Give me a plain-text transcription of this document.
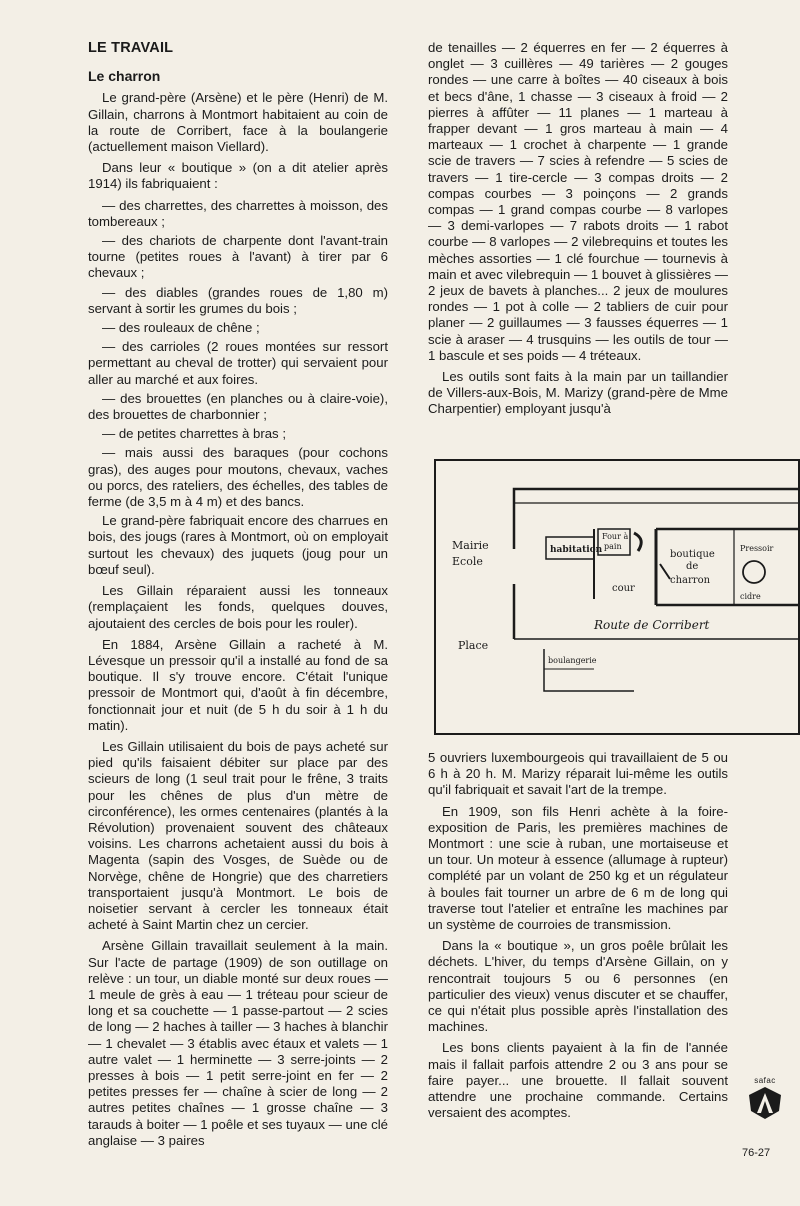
LE TRAVAIL
Le charron

Le grand-père (Arsène) et le père (Henri) de M. Gillain, charrons à Montmort habitaient au coin de la route de Corribert, face à la boulangerie (actuellement maison Viellard).

Dans leur « boutique » (on a dit atelier après 1914) ils fabriquaient :

— des charrettes, des charrettes à moisson, des tombereaux ;

— des chariots de charpente dont l'avant-train tourne (petites roues à l'avant) à tirer par 6 chevaux ;

— des diables (grandes roues de 1,80 m) servant à sortir les grumes du bois ;

— des rouleaux de chêne ;

— des carrioles (2 roues montées sur ressort permettant au cheval de trotter) qui servaient pour aller au marché et aux foires.

— des brouettes (en planches ou à claire-voie), des brouettes de charbonnier ;

— de petites charrettes à bras ;

— mais aussi des baraques (pour cochons gras), des auges pour moutons, chevaux, vaches ou porcs, des rateliers, des échelles, des tables de ferme (de 3,5 m à 4 m) et des bancs.

Le grand-père fabriquait encore des charrues en bois, des jougs (rares à Montmort, où on employait surtout les chevaux) des juquets (joug pour un bœuf seul).

Les Gillain réparaient aussi les tonneaux (remplaçaient les fonds, quelques douves, ajoutaient des cercles de bois pour les rouler).

En 1884, Arsène Gillain a racheté à M. Lévesque un pressoir qu'il a installé au fond de sa boutique. Il s'y trouve encore. C'était l'unique pressoir de Montmort qui, d'août à fin décembre, fonctionnait jour et nuit (de 5 h du soir à 1 h du matin).

Les Gillain utilisaient du bois de pays acheté sur pied qu'ils faisaient débiter sur place par des scieurs de long (1 seul trait pour le frêne, 3 traits pour les chênes de plus d'un mètre de circonférence), les ormes centenaires (plantés à la Révolution) provenaient souvent des châteaux voisins. Les charrons achetaient aussi du bois à Magenta (sapin des Vosges, de Suède ou de Norvège, chêne de Hongrie) que des charretiers transportaient jusqu'à Montmort. Le bois de noisetier servant à cercler les tonneaux était acheté à Saint Martin chez un cercier.

Arsène Gillain travaillait seulement à la main. Sur l'acte de partage (1909) de son outillage on relève : un tour, un diable monté sur deux roues — 1 meule de grès à eau — 1 tréteau pour scieur de long et sa couchette — 1 passe-partout — 2 scies de long — 2 haches à tailler — 3 haches à blanchir — 1 chevalet — 3 établis avec étaux et valets — 1 autre valet — 1 herminette — 3 serre-joints — 2 presses à bois — 1 petit serre-joint en fer — 2 petites presses fer — chaîne à scier de long — 2 autres petites chaînes — 1 grosse chaîne — 3 tarauds à boiter — 1 poêle et ses tuyaux — une clé anglaise — 3 paires

de tenailles — 2 équerres en fer — 2 équerres à onglet — 3 cuillères — 49 tarières — 2 gouges rondes — une carre à boîtes — 40 ciseaux à bois et becs d'âne, 1 chasse — 3 ciseaux à froid — 2 pierres à affûter — 11 planes — 1 marteau à frapper devant — 1 gros marteau à main — 4 marteaux — 1 crochet à charpente — 1 grande scie de travers — 7 scies à refendre — 5 scies de travers — 1 tire-cercle — 3 compas droits — 2 compas courbes — 3 poinçons — 2 grands compas — 1 grand compas courbe — 8 varlopes — 3 demi-varlopes — 7 rabots droits — 1 rabot courbe — 8 varlopes — 2 vilebrequins et toutes les mèches assorties — 1 clé fourchue — tournevis à main et avec vilebrequin — 1 bouvet à glissières — 2 jeux de bavets à planches... 2 jeux de moulures rondes — 1 pot à colle — 2 tabliers de cuir pour planer — 2 guillaumes — 3 fausses équerres — 1 scie à araser — 4 trusquins — les outils de tour — 1 bascule et ses poids — 4 tréteaux.

Les outils sont faits à la main par un taillandier de Villers-aux-Bois, M. Marizy (grand-père de Mme Charpentier) employant jusqu'à

Mairie
Ecole
habitation
Four à
pain
cour
boutique
de
charron
Pressoir
cidre
Route de Corribert
Place
boulangerie

5 ouvriers luxembourgeois qui travaillaient de 5 ou 6 h à 20 h. M. Marizy réparait lui-même les outils qu'il fabriquait et savait l'art de la trempe.

En 1909, son fils Henri achète à la foire-exposition de Paris, les premières machines de Montmort : une scie à ruban, une mortaiseuse et un tour. Un moteur à essence (allumage à rupteur) complété par un volant de 250 kg et un régulateur à boules fait tourner un arbre de 6 m de long qui traverse tout l'atelier et entraîne les machines par un système de courroies de transmission.

Dans la « boutique », un gros poêle brûlait les déchets. L'hiver, du temps d'Arsène Gillain, on y rencontrait toujours 5 ou 6 personnes (en particulier des vieux) venus discuter et se chauffer, ce qui n'était plus possible après l'installation des machines.

Les bons clients payaient à la fin de l'année mais il fallait parfois attendre 2 ou 3 ans pour se faire payer... une brouette. Il fallait souvent attendre une prochaine commande. Certains versaient des acomptes.

safac
76-27
